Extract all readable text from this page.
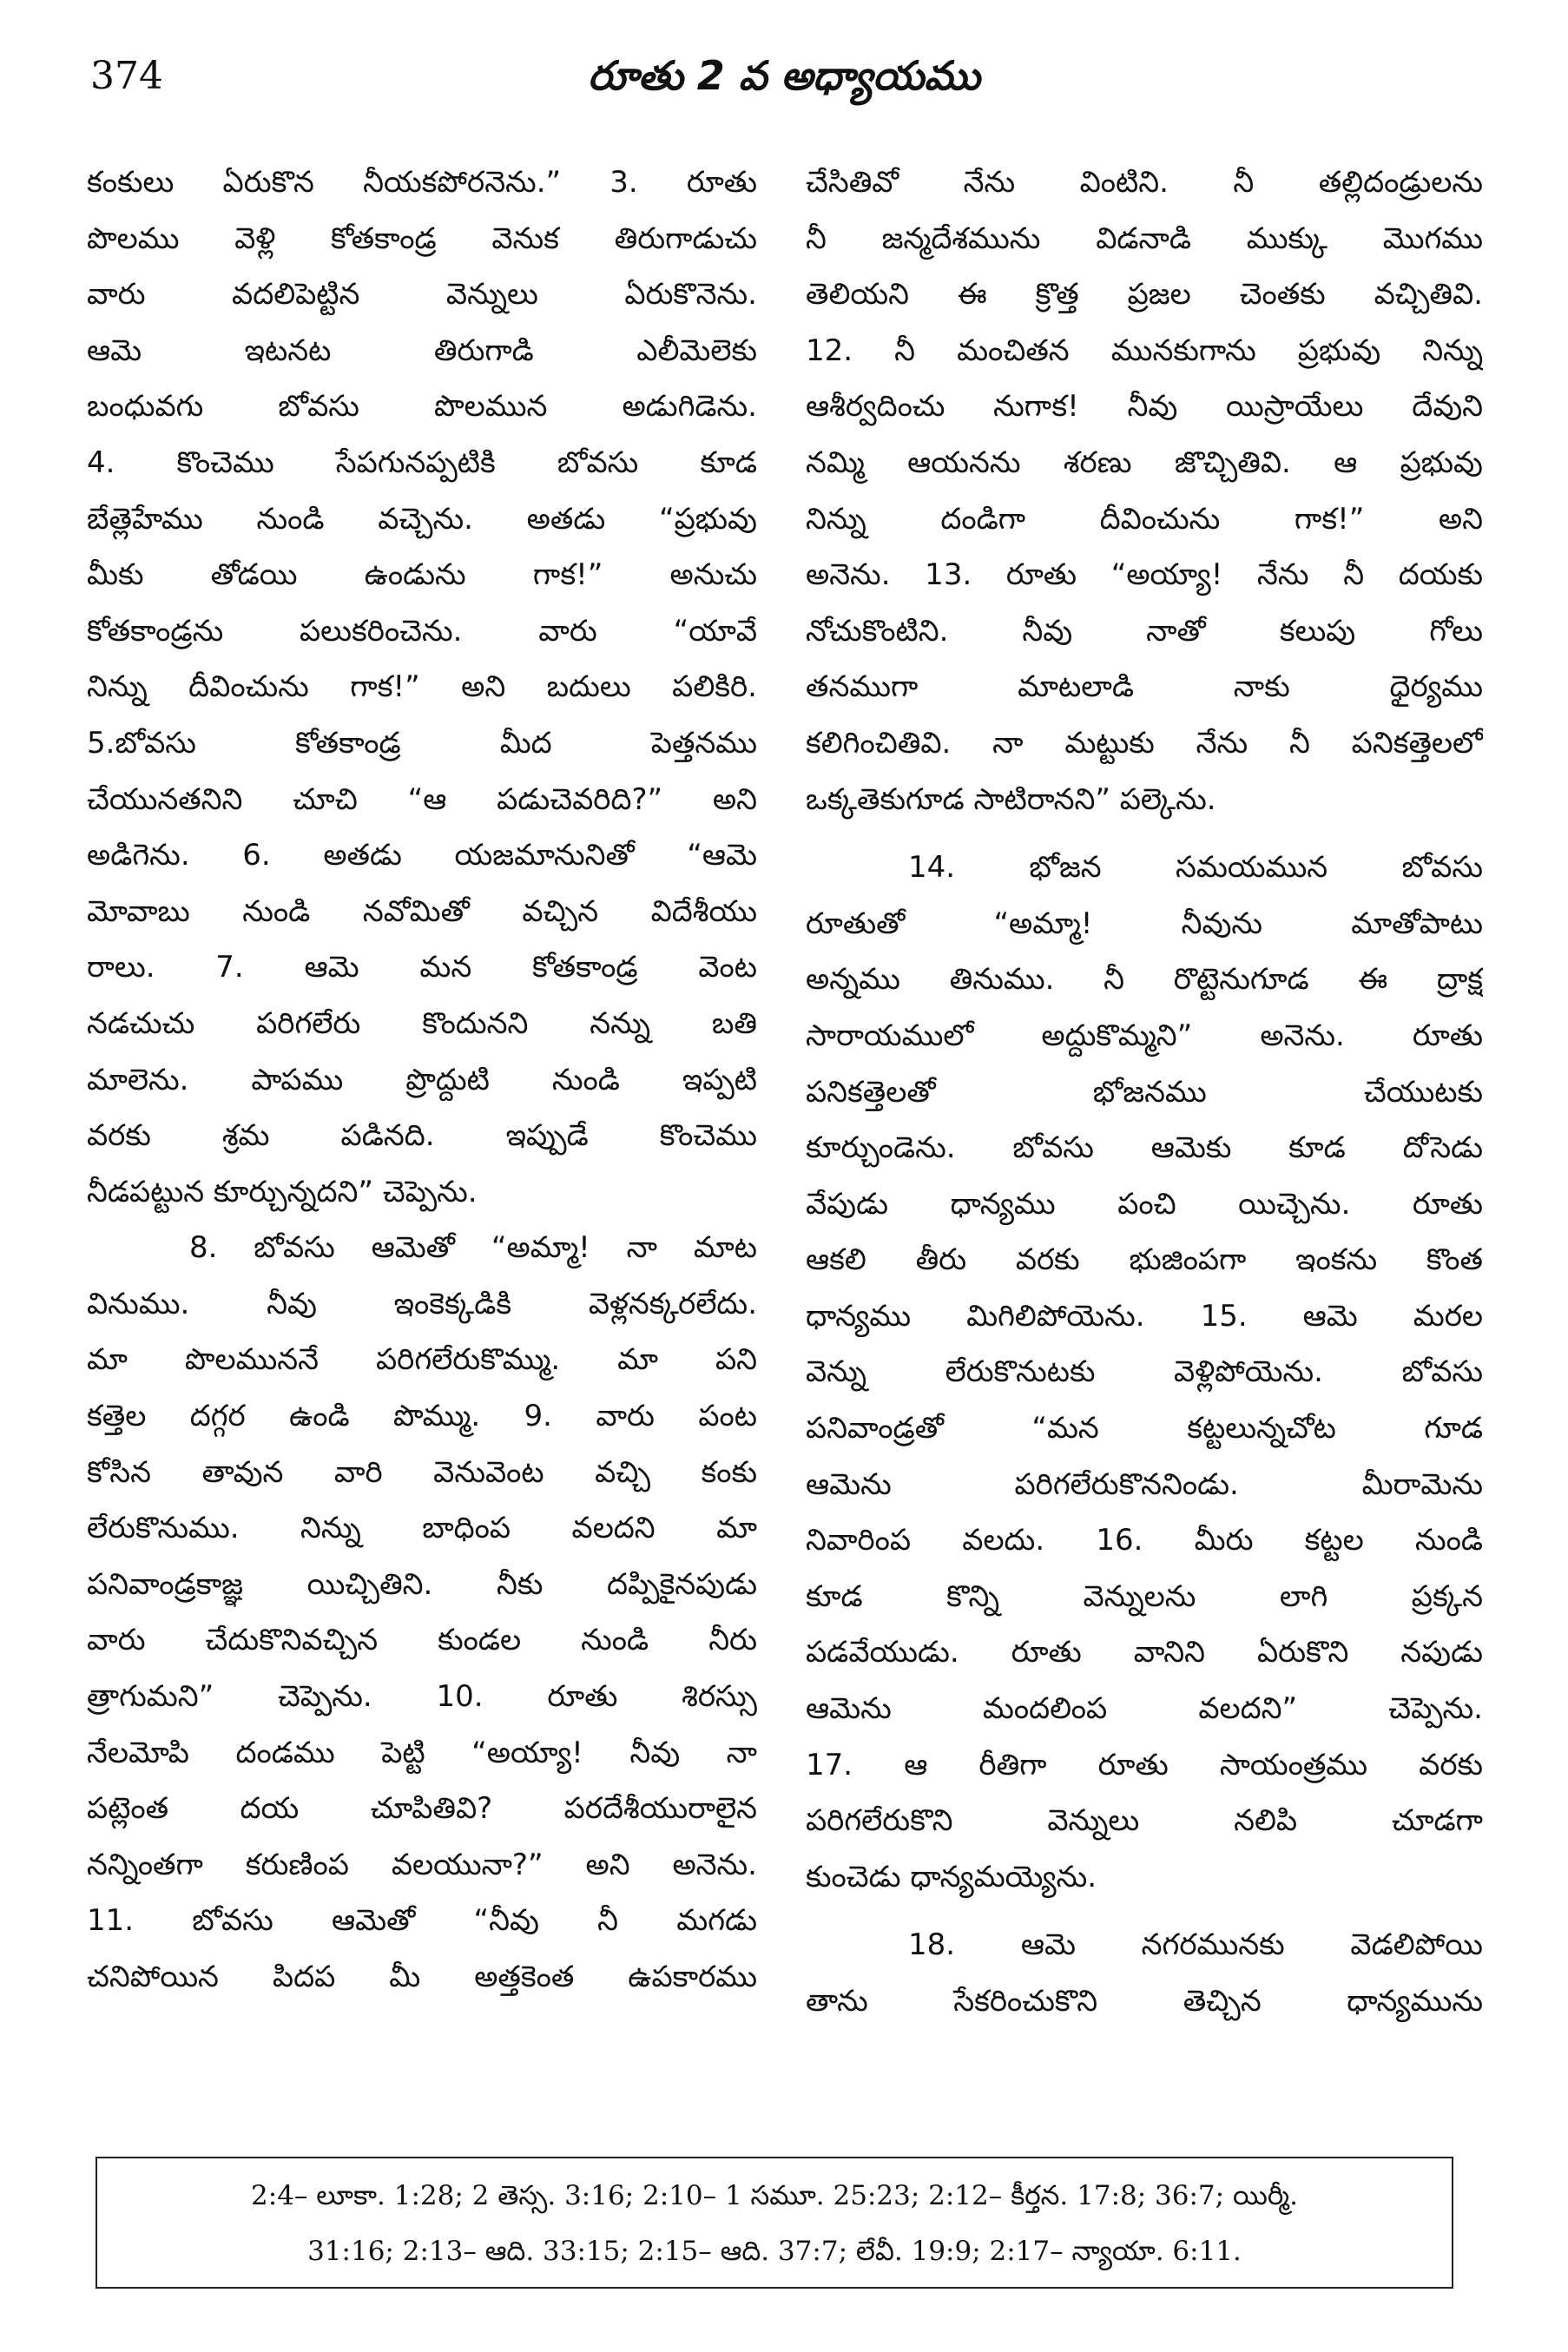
374	రూతు 2 వ అధ్యాయము
కంకులు ఏరుకొన నీయకపోరనెను.” 3. రూతు
పొలము వెళ్లి కోతకాండ్ర వెనుక తిరుగాడుచు
వారు వదలిపెట్టిన వెన్నులు ఏరుకొనెను.
ఆమె ఇటనట తిరుగాడి ఎలీమెలెకు
బంధువగు బోవసు పొలమున అడుగిడెను.
4. కొంచెము సేపగునప్పటికి బోవసు కూడ
బేత్లెహేము నుండి వచ్చెను. అతడు “ప్రభువు
మీకు తోడయి ఉండును గాక!” అనుచు
కోతకాండ్రను పలుకరించెను. వారు “యావే
నిన్ను దీవించును గాక!” అని బదులు పలికిరి.
5.బోవసు కోతకాండ్ర మీద పెత్తనము
చేయునతనిని చూచి “ఆ పడుచెవరిది?” అని
అడిగెను. 6. అతడు యజమానునితో “ఆమె
మోవాబు నుండి నవోమితో వచ్చిన విదేశీయు
రాలు. 7. ఆమె మన కోతకాండ్ర వెంట
నడచుచు పరిగలేరు కొందునని నన్ను బతి
మాలెను. పాపము ప్రొద్దుటి నుండి ఇప్పటి
వరకు శ్రమ పడినది. ఇప్పుడే కొంచెము
నీడపట్టున కూర్చున్నదని” చెప్పెను.
8. బోవసు ఆమెతో “అమ్మా! నా మాట
వినుము. నీవు ఇంకెక్కడికి వెళ్లనక్కరలేదు.
మా పొలముననే పరిగలేరుకొమ్ము. మా పని
కత్తెల దగ్గర ఉండి పొమ్ము. 9. వారు పంట
కోసిన తావున వారి వెనువెంట వచ్చి కంకు
లేరుకొనుము. నిన్ను బాధింప వలదని మా
పనివాండ్రకాజ్ఞ యిచ్చితిని. నీకు దప్పికైనపుడు
వారు చేదుకొనివచ్చిన కుండల నుండి నీరు
త్రాగుమని” చెప్పెను. 10. రూతు శిరస్సు
నేలమోపి దండము పెట్టి “అయ్యా! నీవు నా
పట్లెంత దయ చూపితివి? పరదేశీయురాలైన
నన్నింతగా కరుణింప వలయునా?” అని అనెను.
11. బోవసు ఆమెతో “నీవు నీ మగడు
చనిపోయిన పిదప మీ అత్తకెంత ఉపకారము
చేసితివో నేను వింటిని. నీ తల్లిదండ్రులను
నీ జన్మదేశమును విడనాడి ముక్కు మొగము
తెలియని ఈ క్రొత్త ప్రజల చెంతకు వచ్చితివి.
12. నీ మంచితన మునకుగాను ప్రభువు నిన్ను
ఆశీర్వదించు నుగాక! నీవు యిస్రాయేలు దేవుని
నమ్మి ఆయనను శరణు జొచ్చితివి. ఆ ప్రభువు
నిన్ను దండిగా దీవించును గాక!” అని
అనెను. 13. రూతు “అయ్యా! నేను నీ దయకు
నోచుకొంటిని. నీవు నాతో కలుపు గోలు
తనముగా మాటలాడి నాకు ధైర్యము
కలిగించితివి. నా మట్టుకు నేను నీ పనికత్తెలలో
ఒక్కతెకుగూడ సాటిరానని” పల్కెను.
14. భోజన సమయమున బోవసు
రూతుతో “అమ్మా! నీవును మాతోపాటు
అన్నము తినుము. నీ రొట్టెనుగూడ ఈ ద్రాక్ష
సారాయములో అద్దుకొమ్మని” అనెను. రూతు
పనికత్తెలతో భోజనము చేయుటకు
కూర్చుండెను. బోవసు ఆమెకు కూడ దోసెడు
వేపుడు ధాన్యము పంచి యిచ్చెను. రూతు
ఆకలి తీరు వరకు భుజింపగా ఇంకను కొంత
ధాన్యము మిగిలిపోయెను. 15. ఆమె మరల
వెన్ను లేరుకొనుటకు వెళ్లిపోయెను. బోవసు
పనివాండ్రతో “మన కట్టలున్నచోట గూడ
ఆమెను పరిగలేరుకొననిండు. మీరామెను
నివారింప వలదు. 16. మీరు కట్టల నుండి
కూడ కొన్ని వెన్నులను లాగి ప్రక్కన
పడవేయుడు. రూతు వానిని ఏరుకొని నపుడు
ఆమెను మందలింప వలదని” చెప్పెను.
17. ఆ రీతిగా రూతు సాయంత్రము వరకు
పరిగలేరుకొని వెన్నులు నలిపి చూడగా
కుంచెడు ధాన్యమయ్యెను.
18. ఆమె నగరమునకు వెడలిపోయి
తాను సేకరించుకొని తెచ్చిన ధాన్యమును
2:4– లూకా. 1:28; 2 తెస్స. 3:16; 2:10– 1 సమూ. 25:23; 2:12– కీర్తన. 17:8; 36:7; యిర్మీ.
31:16; 2:13– ఆది. 33:15; 2:15– ఆది. 37:7; లేవీ. 19:9; 2:17– న్యాయా. 6:11.
